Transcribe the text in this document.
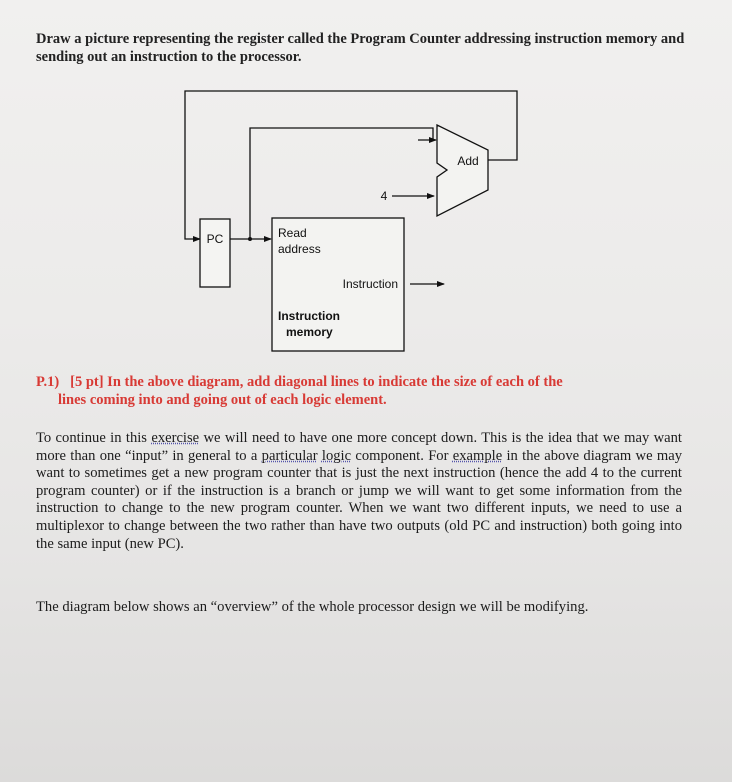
Draw a picture representing the register called the Program Counter addressing instruction memory and sending out an instruction to the processor.
PC	Read
address
Instruction
Instruction
memory
Add
4
P.1) [5 pt] In the above diagram, add diagonal lines to indicate the size of each of the
lines coming into and going out of each logic element.
To continue in this exercise we will need to have one more concept down. This is the idea that we may want more than one “input” in general to a particular logic component. For example in the above diagram we may want to sometimes get a new program counter that is just the next instruction (hence the add 4 to the current program counter) or if the instruction is a branch or jump we will want to get some information from the instruction to change to the new program counter. When we want two different inputs, we need to use a multiplexor to change between the two rather than have two outputs (old PC and instruction) both going into the same input (new PC).
The diagram below shows an “overview” of the whole processor design we will be modifying.
